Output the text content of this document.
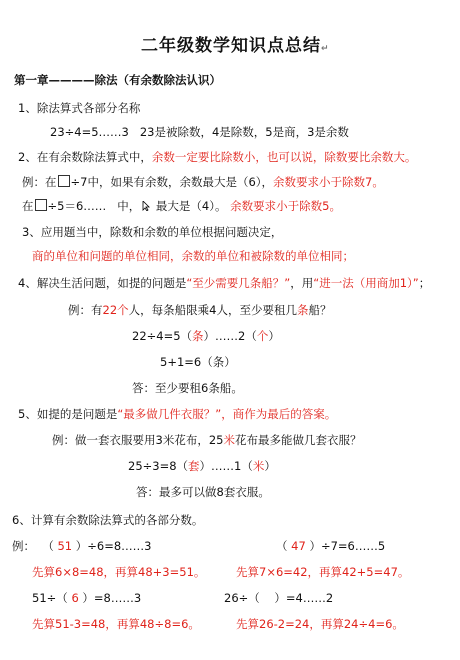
二年级数学知识点总结↵
第一章————除法（有余数除法认识）
1、除法算式各部分名称
23÷4=5……3 23是被除数，4是除数，5是商，3是余数
2、在有余数除法算式中，余数一定要比除数小，也可以说，除数要比余数大。
例：在 ÷7中，如果有余数，余数最大是（6），余数要求小于除数7。
在 ÷5＝6…… 中， 最大是（4）。 余数要求小于除数5。
3、应用题当中，除数和余数的单位根据问题决定，
商的单位和问题的单位相同，余数的单位和被除数的单位相同；
4、解决生活问题，如提的问题是“至少需要几条船？”，用“进一法（用商加1）”；
例：有22个人，每条船限乘4人，至少要租几条船？
22÷4=5（条）……2（个）
5+1=6（条）
答：至少要租6条船。
5、如提的是问题是“最多做几件衣服？”，商作为最后的答案。
例：做一套衣服要用3米花布，25米花布最多能做几套衣服？
25÷3=8（套）……1（米）
答：最多可以做8套衣服。
6、计算有余数除法算式的各部分数。
例： （ 51 ）÷6=8……3	（ 47 ）÷7=6……5
先算6×8=48，再算48+3=51。	先算7×6=42，再算42+5=47。
51÷（ 6 ）=8……3	26÷（ ）=4……2
先算51-3=48，再算48÷8=6。	先算26-2=24，再算24÷4=6。
